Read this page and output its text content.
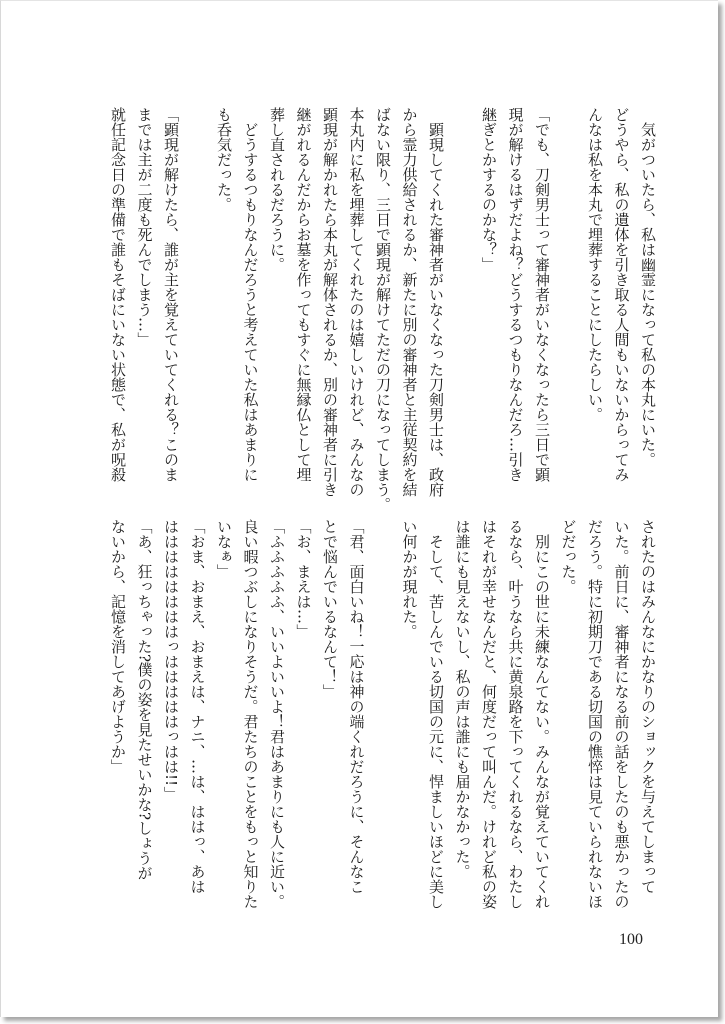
　気がついたら、私は幽霊になって私の本丸にいた。

どうやら、私の遺体を引き取る人間もいないからってみ

んなは私を本丸で埋葬することにしたらしい。

「でも、刀剣男士って審神者がいなくなったら三日で顕

現が解けるはずだよね？どうするつもりなんだろ…引き

継ぎとかするのかな？」

　顕現してくれた審神者がいなくなった刀剣男士は、政府

から霊力供給されるか、新たに別の審神者と主従契約を結

ばない限り、三日で顕現が解けてただの刀になってしまう。

本丸内に私を埋葬してくれたのは嬉しいけれど、みんなの

顕現が解かれたら本丸が解体されるか、別の審神者に引き

継がれるんだからお墓を作ってもすぐに無縁仏として埋

葬し直されるだろうに。

　どうするつもりなんだろうと考えていた私はあまりに

も呑気だった。

「顕現が解けたら、誰が主を覚えていてくれる？このま

までは主が二度も死んでしまう…」

就任記念日の準備で誰もそばにいない状態で、私が呪殺

されたのはみんなにかなりのショックを与えてしまって

いた。前日に、審神者になる前の話をしたのも悪かったの

だろう。特に初期刀である切国の憔悴は見ていられないほ

どだった。

　別にこの世に未練なんてない。みんなが覚えていてくれ

るなら、叶うなら共に黄泉路を下ってくれるなら、わたし

はそれが幸せなんだと、何度だって叫んだ。けれど私の姿

は誰にも見えないし、私の声は誰にも届かなかった。

　そして、苦しんでいる切国の元に、悍ましいほどに美し

い何かが現れた。

「君、面白いね！一応は神の端くれだろうに、そんなこ

とで悩んでいるなんて！」

「お、まえは…」

「ふふふふふ、いいよいいよ！君はあまりにも人に近い。

良い暇つぶしになりそうだ。君たちのことをもっと知りた

いなぁ」

「おま、おまえ、おまえは、ナニ、…は、ははっ、あは

ははははははははっはははははっはは!!」

「あ、狂っちゃった?僕の姿を見たせいかな?しょうが

ないから、記憶を消してあげようか」

100
